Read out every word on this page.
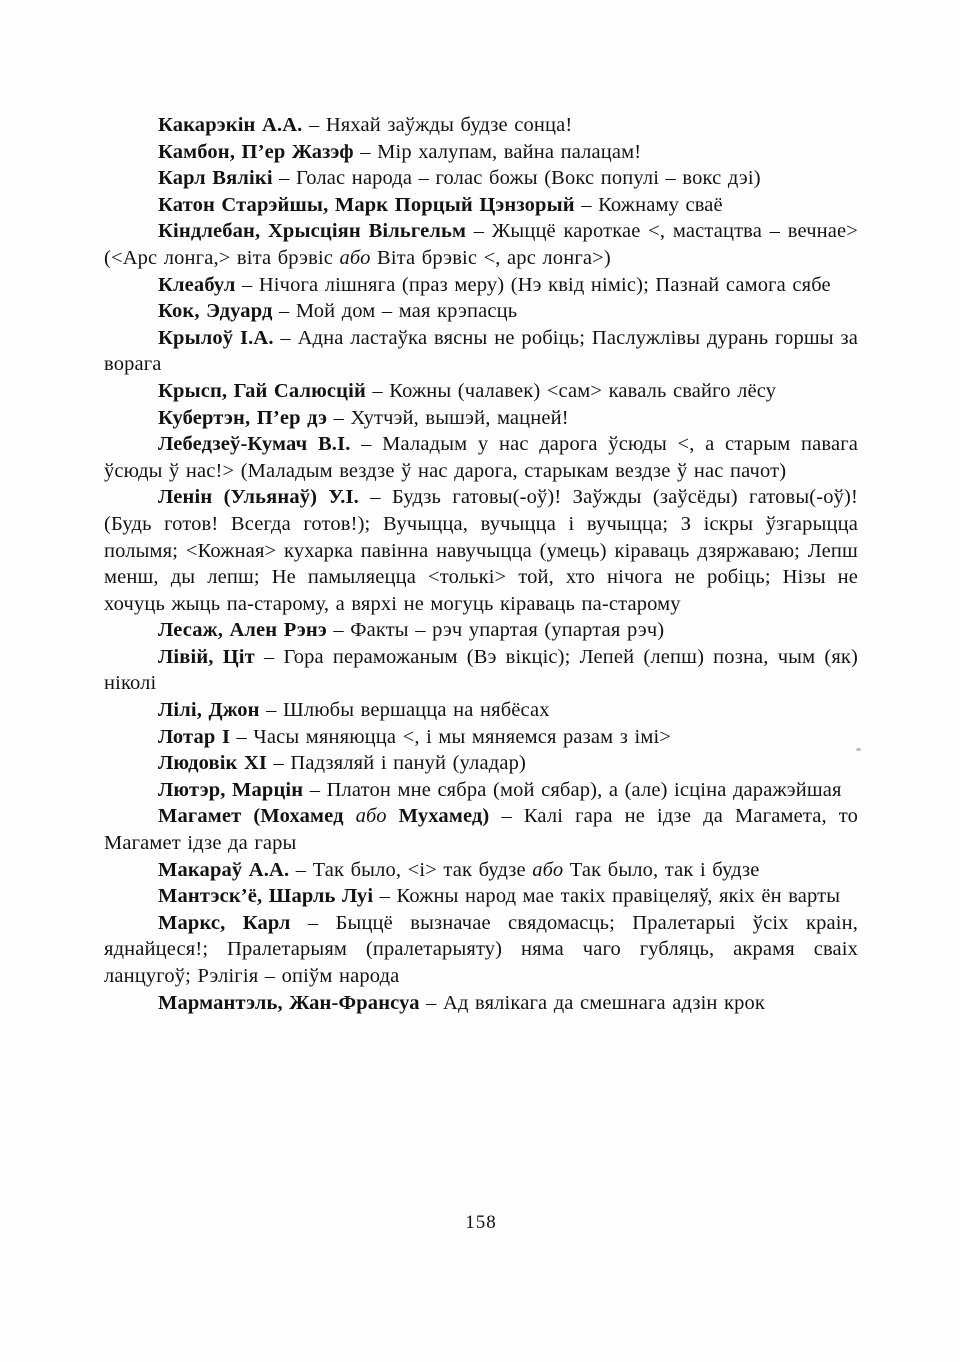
Какарэкін А.А. – Няхай заўжды будзе сонца!

Камбон, П’ер Жазэф – Мір халупам, вайна палацам!

Карл Вялікі – Голас народа – голас божы (Вокс популі – вокс дэі)

Катон Старэйшы, Марк Порцый Цэнзорый – Кожнаму сваё

Кіндлебан, Хрысціян Вільгельм – Жыццё кароткае <, мастацтва – вечнае> (<Арс лонга,> віта брэвіс або Віта брэвіс <, арс лонга>)

Клеабул – Нічога лішняга (праз меру) (Нэ квід німіс); Пазнай самога сябе

Кок, Эдуард – Мой дом – мая крэпасць

Крылоў І.А. – Адна ластаўка вясны не робіць; Паслужлівы дурань горшы за ворага

Крысп, Гай Салюсцій – Кожны (чалавек) <сам> каваль свайго лёсу

Кубертэн, П’ер дэ – Хутчэй, вышэй, мацней!

Лебедзеў-Кумач В.І. – Маладым у нас дарога ўсюды <, а старым павага ўсюды ў нас!> (Маладым вездзе ў нас дарога, старыкам вездзе ў нас пачот)

Ленін (Ульянаў) У.І. – Будзь гатовы(-оў)! Заўжды (заўсёды) гатовы(-оў)! (Будь готов! Всегда готов!); Вучыцца, вучыцца і вучыцца; З іскры ўзгарыцца полымя; <Кожная> кухарка павінна навучыцца (умець) кіраваць дзяржаваю; Лепш менш, ды лепш; Не памыляецца <толькі> той, хто нічога не робіць; Нізы не хочуць жыць па-старому, а вярхі не могуць кіраваць па-старому

Лесаж, Ален Рэнэ – Факты – рэч упартая (упартая рэч)

Лівій, Ціт – Гора пераможаным (Вэ вікціс); Лепей (лепш) позна, чым (як) ніколі

Лілі, Джон – Шлюбы вершацца на нябёсах

Лотар I – Часы мяняюцца <, і мы мяняемся разам з імі>

Людовік XI – Падзяляй і пануй (уладар)

Лютэр, Марцін – Платон мне сябра (мой сябар), а (але) ісціна даражэйшая

Магамет (Мохамед або Мухамед) – Калі гара не ідзе да Магамета, то Магамет ідзе да гары

Макараў А.А. – Так было, <і> так будзе або Так было, так і будзе

Мантэск’ё, Шарль Луі – Кожны народ мае такіх правіцеляў, якіх ён варты

Маркс, Карл – Быццё вызначае свядомасць; Пралетарыі ўсіх краін, яднайцеся!; Пралетарыям (пралетарыяту) няма чаго губляць, акрамя сваіх ланцугоў; Рэлігія – опіўм народа

Мармантэль, Жан-Франсуа – Ад вялікага да смешнага адзін крок

158
